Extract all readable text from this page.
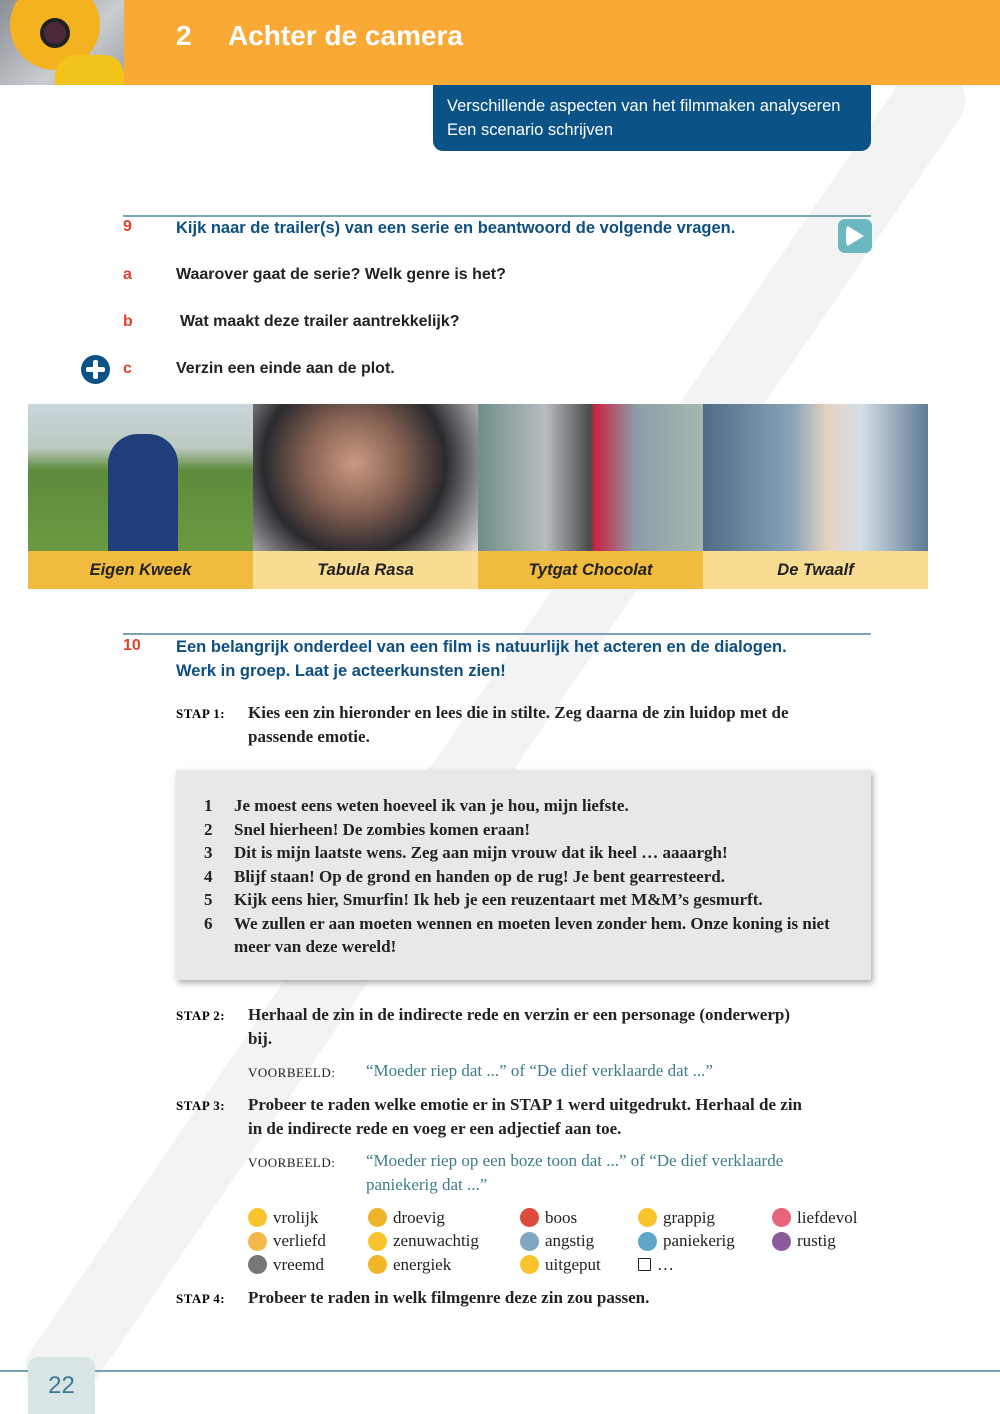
2 Achter de camera
Verschillende aspecten van het filmmaken analyseren
Een scenario schrijven
9	Kijk naar de trailer(s) van een serie en beantwoord de volgende vragen.
a	Waarover gaat de serie? Welk genre is het?
b	Wat maakt deze trailer aantrekkelijk?
c	Verzin een einde aan de plot.
Eigen Kweek	Tabula Rasa	Tytgat Chocolat	De Twaalf
10 Een belangrijk onderdeel van een film is natuurlijk het acteren en de dialogen.
Werk in groep. Laat je acteerkunsten zien!
STAP 1: Kies een zin hieronder en lees die in stilte. Zeg daarna de zin luidop met de
passende emotie.
1	Je moest eens weten hoeveel ik van je hou, mijn liefste.
2	Snel hierheen! De zombies komen eraan!
3	Dit is mijn laatste wens. Zeg aan mijn vrouw dat ik heel … aaaargh!
4	Blijf staan! Op de grond en handen op de rug! Je bent gearresteerd.
5	Kijk eens hier, Smurfin! Ik heb je een reuzentaart met M&M’s gesmurft.
6	We zullen er aan moeten wennen en moeten leven zonder hem. Onze koning is niet meer van deze wereld!
STAP 2: Herhaal de zin in de indirecte rede en verzin er een personage (onderwerp)
bij.
VOORBEELD: “Moeder riep dat ...” of “De dief verklaarde dat ...”
STAP 3: Probeer te raden welke emotie er in STAP 1 werd uitgedrukt. Herhaal de zin
in de indirecte rede en voeg er een adjectief aan toe.
VOORBEELD: “Moeder riep op een boze toon dat ...” of “De dief verklaarde
paniekerig dat ...”
vrolijk	droevig	boos	grappig	liefdevol
verliefd	zenuwachtig	angstig	paniekerig	rustig
vreemd	energiek	uitgeput	…
STAP 4: Probeer te raden in welk filmgenre deze zin zou passen.
22
